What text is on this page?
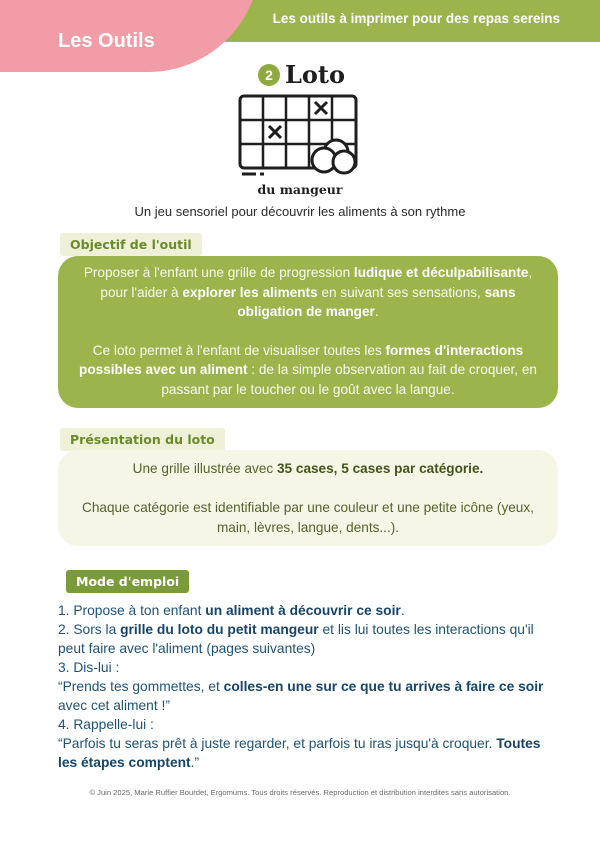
Les outils à imprimer pour des repas sereins
Les Outils
2 Loto
du mangeur
Un jeu sensoriel pour découvrir les aliments à son rythme
Objectif de l'outil

Proposer à l'enfant une grille de progression ludique et déculpabilisante, pour l'aider à explorer les aliments en suivant ses sensations, sans obligation de manger.

Ce loto permet à l'enfant de visualiser toutes les formes d'interactions possibles avec un aliment : de la simple observation au fait de croquer, en passant par le toucher ou le goût avec la langue.

Présentation du loto

Une grille illustrée avec 35 cases, 5 cases par catégorie.

Chaque catégorie est identifiable par une couleur et une petite icône (yeux, main, lèvres, langue, dents...).

Mode d'emploi

1. Propose à ton enfant un aliment à découvrir ce soir.

2. Sors la grille du loto du petit mangeur et lis lui toutes les interactions qu'il peut faire avec l'aliment (pages suivantes)

3. Dis-lui :

“Prends tes gommettes, et colles-en une sur ce que tu arrives à faire ce soir avec cet aliment !”

4. Rappelle-lui :

“Parfois tu seras prêt à juste regarder, et parfois tu iras jusqu'à croquer. Toutes les étapes comptent.”

© Juin 2025, Marie Ruffier Bourdet, Ergomums. Tous droits réservés. Reproduction et distribution interdites sans autorisation.
